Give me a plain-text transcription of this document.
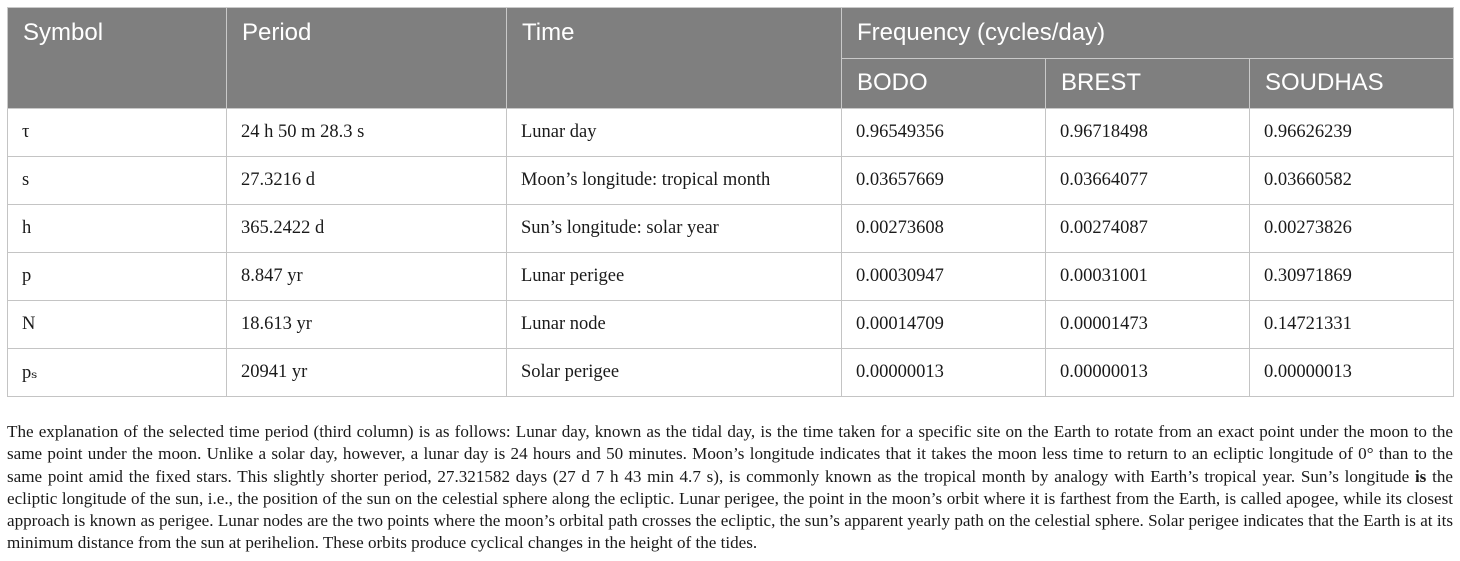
Symbol	Period	Time	Frequency (cycles/day)		
			BODO	BREST	SOUDHAS
τ	24 h 50 m 28.3 s	Lunar day	0.96549356	0.96718498	0.96626239
s	27.3216 d	Moon’s longitude: tropical month	0.03657669	0.03664077	0.03660582
h	365.2422 d	Sun’s longitude: solar year	0.00273608	0.00274087	0.00273826
p	8.847 yr	Lunar perigee	0.00030947	0.00031001	0.30971869
N	18.613 yr	Lunar node	0.00014709	0.00001473	0.14721331
pₛ	20941 yr	Solar perigee	0.00000013	0.00000013	0.00000013

The explanation of the selected time period (third column) is as follows: Lunar day, known as the tidal day, is the time taken for a specific site on the Earth to rotate from an exact point under the moon to the same point under the moon. Unlike a solar day, however, a lunar day is 24 hours and 50 minutes. Moon’s longitude indicates that it takes the moon less time to return to an ecliptic longitude of 0° than to the same point amid the fixed stars. This slightly shorter period, 27.321582 days (27 d 7 h 43 min 4.7 s), is commonly known as the tropical month by analogy with Earth’s tropical year. Sun’s longitude is the ecliptic longitude of the sun, i.e., the position of the sun on the celestial sphere along the ecliptic. Lunar perigee, the point in the moon’s orbit where it is farthest from the Earth, is called apogee, while its closest approach is known as perigee. Lunar nodes are the two points where the moon’s orbital path crosses the ecliptic, the sun’s apparent yearly path on the celestial sphere. Solar perigee indicates that the Earth is at its minimum distance from the sun at perihelion. These orbits produce cyclical changes in the height of the tides.
